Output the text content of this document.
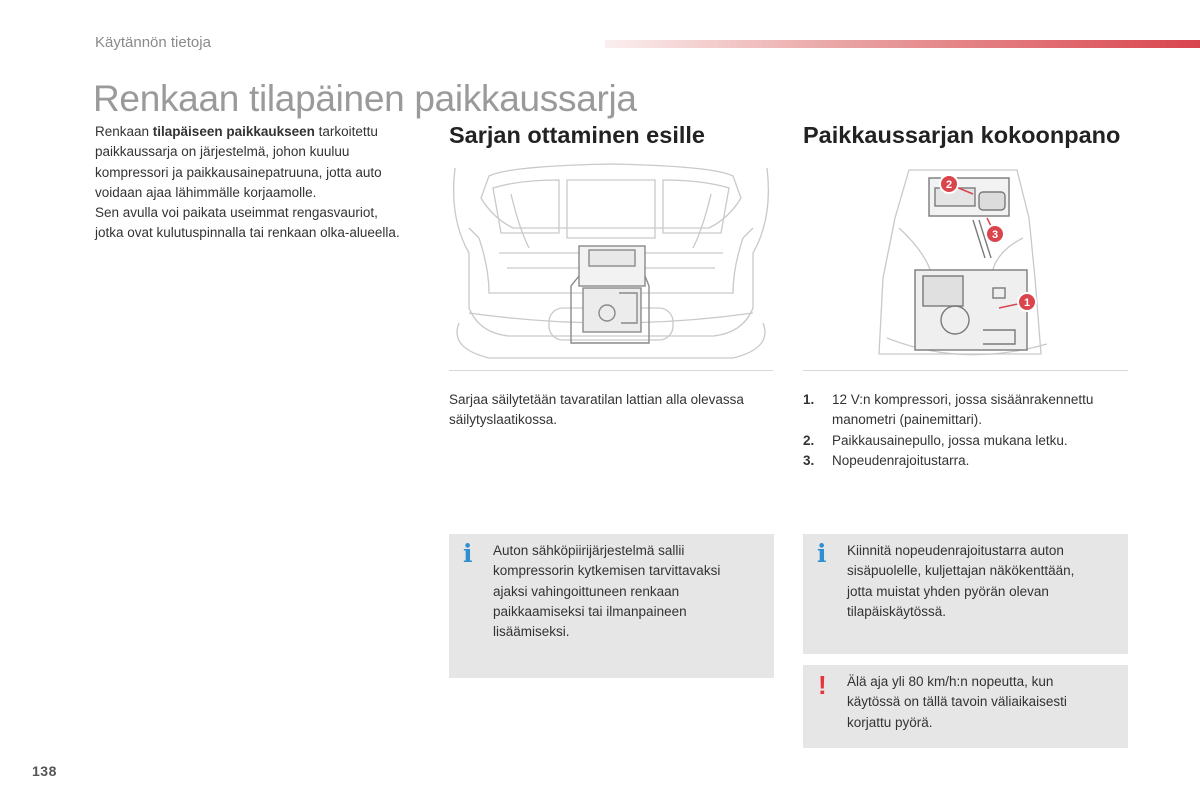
Käytännön tietoja
Renkaan tilapäinen paikkaussarja
Renkaan tilapäiseen paikkaukseen tarkoitettu paikkaussarja on järjestelmä, johon kuuluu kompressori ja paikkausainepatruuna, jotta auto voidaan ajaa lähimmälle korjaamolle.
Sen avulla voi paikata useimmat rengasvauriot, jotka ovat kulutuspinnalla tai renkaan olka-alueella.
Sarjan ottaminen esille	Paikkaussarjan kokoonpano
1
2
3
Sarjaa säilytetään tavaratilan lattian alla olevassa säilytyslaatikossa.
1.	12 V:n kompressori, jossa sisäänrakennettu manometri (painemittari).
2.	Paikkausainepullo, jossa mukana letku.
3.	Nopeudenrajoitustarra.
i Auton sähköpiirijärjestelmä sallii kompressorin kytkemisen tarvittavaksi ajaksi vahingoittuneen renkaan paikkaamiseksi tai ilmanpaineen lisäämiseksi.
i Kiinnitä nopeudenrajoitustarra auton sisäpuolelle, kuljettajan näkökenttään, jotta muistat yhden pyörän olevan tilapäiskäytössä.
! Älä aja yli 80 km/h:n nopeutta, kun käytössä on tällä tavoin väliaikaisesti korjattu pyörä.
138
